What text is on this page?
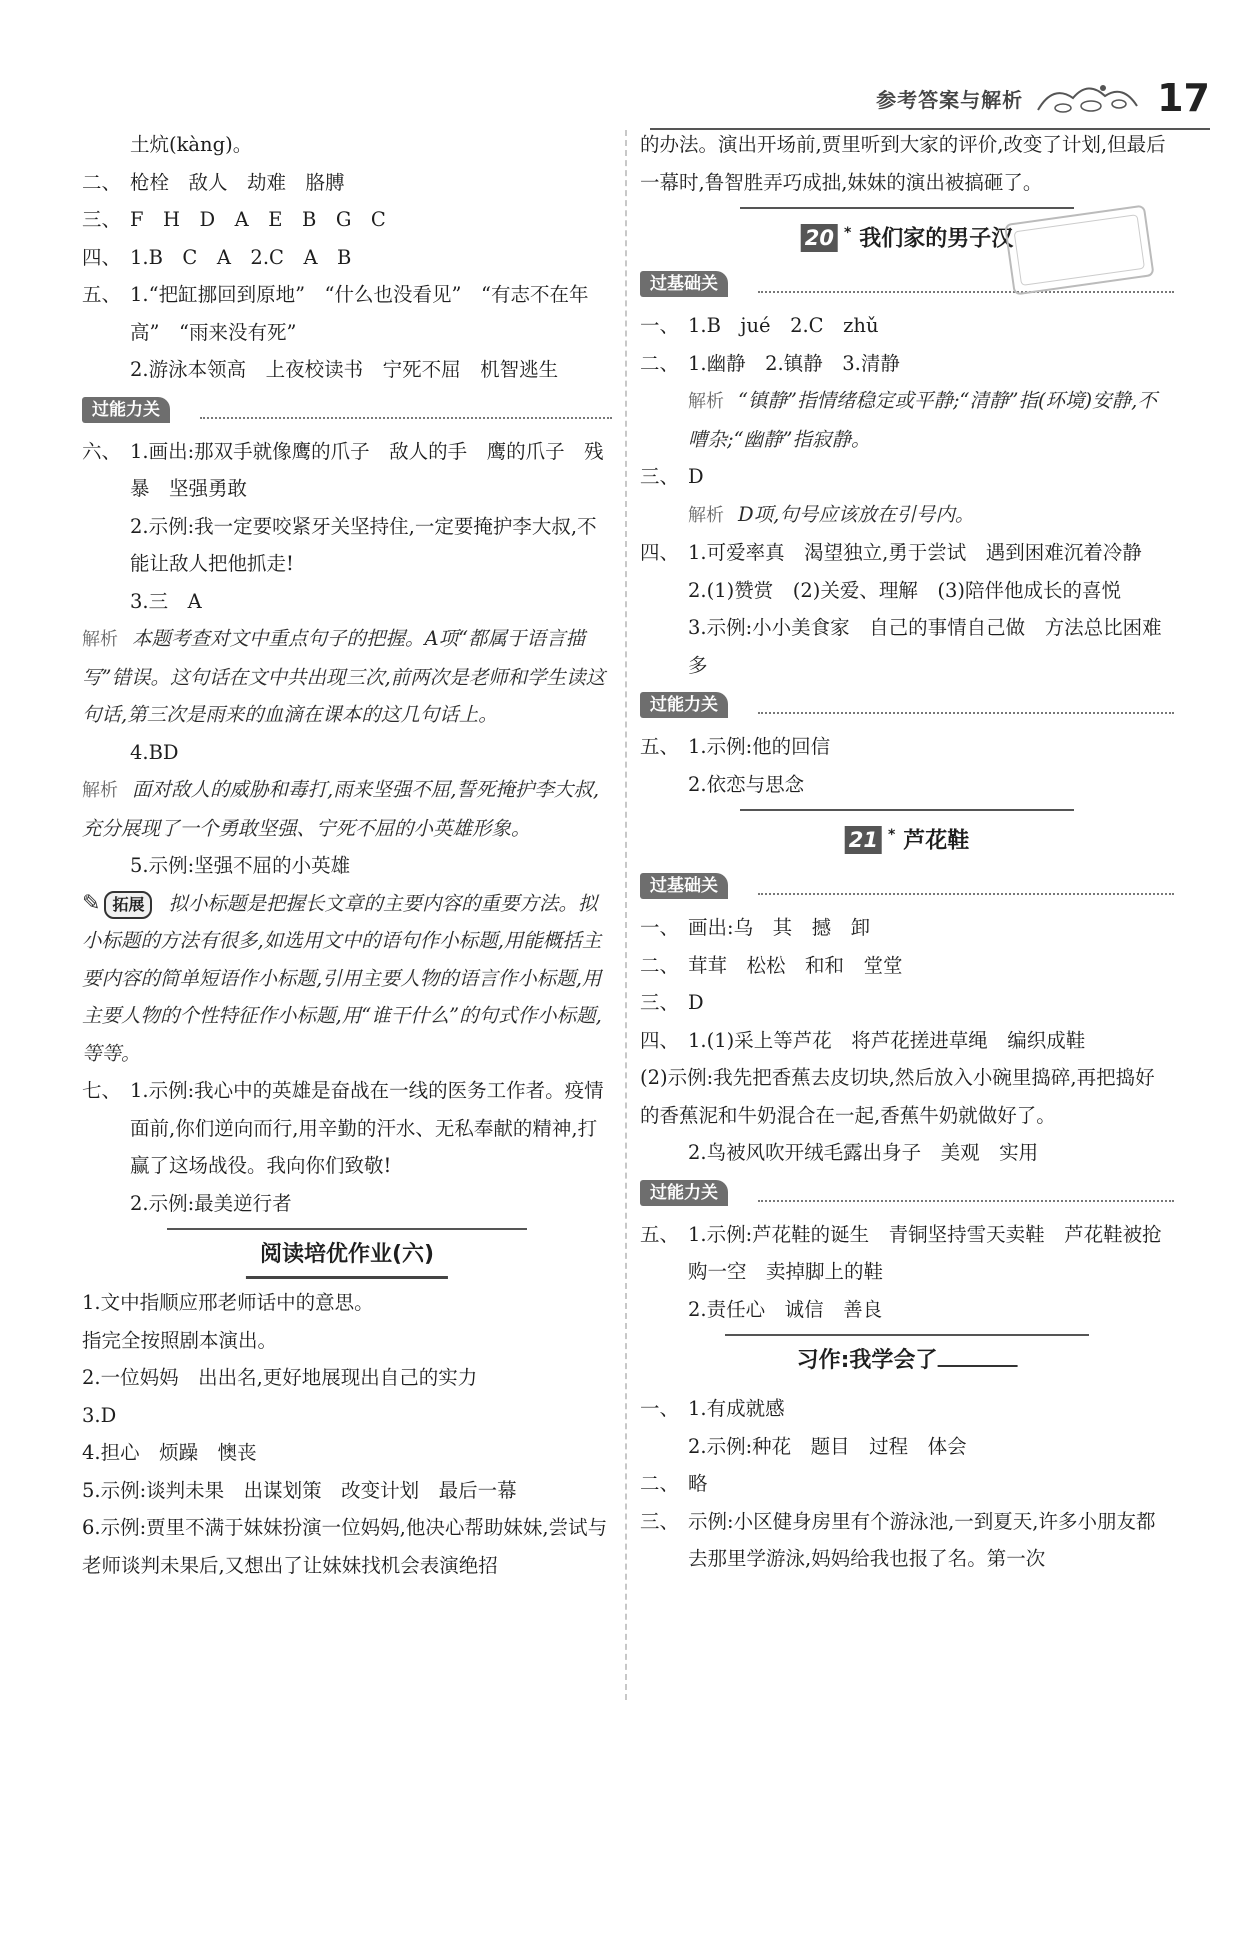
参考答案与解析	17
土炕(kàng)。
二、 枪栓　敌人　劫难　胳膊
三、 F　H　D　A　E　B　G　C
四、 1.B　C　A　2.C　A　B
五、 1.“把缸挪回到原地”　“什么也没看见”　“有志不在年高”　“雨来没有死”
2.游泳本领高　上夜校读书　宁死不屈　机智逃生
过能力关
六、 1.画出:那双手就像鹰的爪子　敌人的手　鹰的爪子　残暴　坚强勇敢
2.示例:我一定要咬紧牙关坚持住,一定要掩护李大叔,不能让敌人把他抓走!
3.三　A
解析 本题考查对文中重点句子的把握。A项“都属于语言描写”错误。这句话在文中共出现三次,前两次是老师和学生读这句话,第三次是雨来的血滴在课本的这几句话上。
4.BD
解析 面对敌人的威胁和毒打,雨来坚强不屈,誓死掩护李大叔,充分展现了一个勇敢坚强、宁死不屈的小英雄形象。
5.示例:坚强不屈的小英雄
✎ 拓展 拟小标题是把握长文章的主要内容的重要方法。拟小标题的方法有很多,如选用文中的语句作小标题,用能概括主要内容的简单短语作小标题,引用主要人物的语言作小标题,用主要人物的个性特征作小标题,用“谁干什么”的句式作小标题,等等。
七、 1.示例:我心中的英雄是奋战在一线的医务工作者。疫情面前,你们逆向而行,用辛勤的汗水、无私奉献的精神,打赢了这场战役。我向你们致敬!
2.示例:最美逆行者
阅读培优作业(六)
1.文中指顺应邢老师话中的意思。
指完全按照剧本演出。
2.一位妈妈　出出名,更好地展现出自己的实力
3.D
4.担心　烦躁　懊丧
5.示例:谈判未果　出谋划策　改变计划　最后一幕
6.示例:贾里不满于妹妹扮演一位妈妈,他决心帮助妹妹,尝试与老师谈判未果后,又想出了让妹妹找机会表演绝招
的办法。演出开场前,贾里听到大家的评价,改变了计划,但最后一幕时,鲁智胜弄巧成拙,妹妹的演出被搞砸了。
20 * 我们家的男子汉
过基础关
一、 1.B　jué　2.C　zhǔ
二、 1.幽静　2.镇静　3.清静
解析 “镇静”指情绪稳定或平静;“清静”指(环境)安静,不嘈杂;“幽静”指寂静。
三、 D
解析 D项,句号应该放在引号内。
四、 1.可爱率真　渴望独立,勇于尝试　遇到困难沉着冷静
2.(1)赞赏　(2)关爱、理解　(3)陪伴他成长的喜悦
3.示例:小小美食家　自己的事情自己做　方法总比困难多
过能力关
五、 1.示例:他的回信
2.依恋与思念
21 * 芦花鞋
过基础关
一、 画出:乌　其　撼　卸
二、 茸茸　松松　和和　堂堂
三、 D
四、 1.(1)采上等芦花　将芦花搓进草绳　编织成鞋
(2)示例:我先把香蕉去皮切块,然后放入小碗里捣碎,再把捣好的香蕉泥和牛奶混合在一起,香蕉牛奶就做好了。
2.鸟被风吹开绒毛露出身子　美观　实用
过能力关
五、 1.示例:芦花鞋的诞生　青铜坚持雪天卖鞋　芦花鞋被抢购一空　卖掉脚上的鞋
2.责任心　诚信　善良
习作:我学会了
一、 1.有成就感
2.示例:种花　题目　过程　体会
二、 略
三、 示例:小区健身房里有个游泳池,一到夏天,许多小朋友都去那里学游泳,妈妈给我也报了名。第一次
